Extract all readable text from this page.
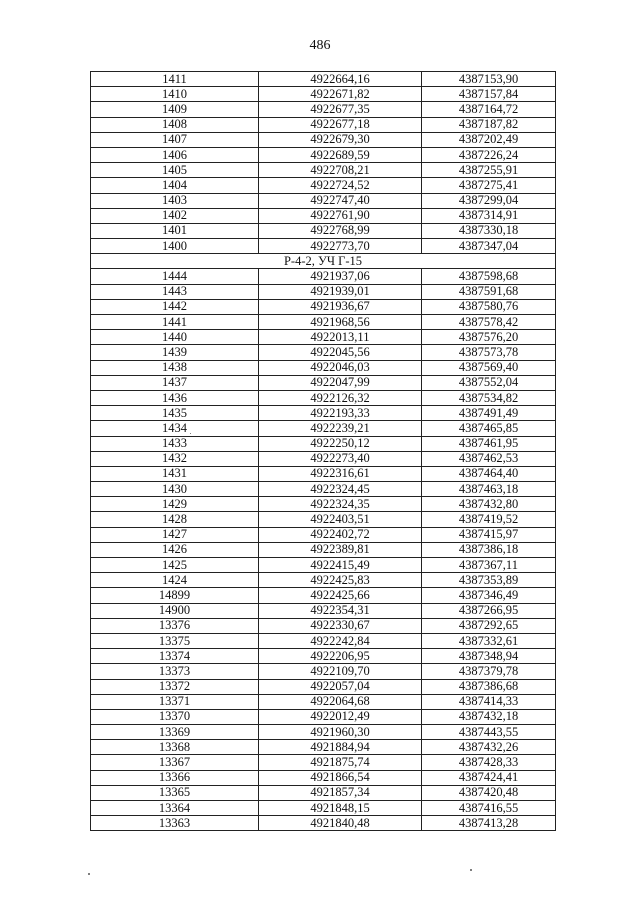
486
1411	4922664,16	4387153,90
1410	4922671,82	4387157,84
1409	4922677,35	4387164,72
1408	4922677,18	4387187,82
1407	4922679,30	4387202,49
1406	4922689,59	4387226,24
1405	4922708,21	4387255,91
1404	4922724,52	4387275,41
1403	4922747,40	4387299,04
1402	4922761,90	4387314,91
1401	4922768,99	4387330,18
1400	4922773,70	4387347,04
Р-4-2, УЧ Г-15		
1444	4921937,06	4387598,68
1443	4921939,01	4387591,68
1442	4921936,67	4387580,76
1441	4921968,56	4387578,42
1440	4922013,11	4387576,20
1439	4922045,56	4387573,78
1438	4922046,03	4387569,40
1437	4922047,99	4387552,04
1436	4922126,32	4387534,82
1435	4922193,33	4387491,49
1434	4922239,21	4387465,85
1433	4922250,12	4387461,95
1432	4922273,40	4387462,53
1431	4922316,61	4387464,40
1430	4922324,45	4387463,18
1429	4922324,35	4387432,80
1428	4922403,51	4387419,52
1427	4922402,72	4387415,97
1426	4922389,81	4387386,18
1425	4922415,49	4387367,11
1424	4922425,83	4387353,89
14899	4922425,66	4387346,49
14900	4922354,31	4387266,95
13376	4922330,67	4387292,65
13375	4922242,84	4387332,61
13374	4922206,95	4387348,94
13373	4922109,70	4387379,78
13372	4922057,04	4387386,68
13371	4922064,68	4387414,33
13370	4922012,49	4387432,18
13369	4921960,30	4387443,55
13368	4921884,94	4387432,26
13367	4921875,74	4387428,33
13366	4921866,54	4387424,41
13365	4921857,34	4387420,48
13364	4921848,15	4387416,55
13363	4921840,48	4387413,28
